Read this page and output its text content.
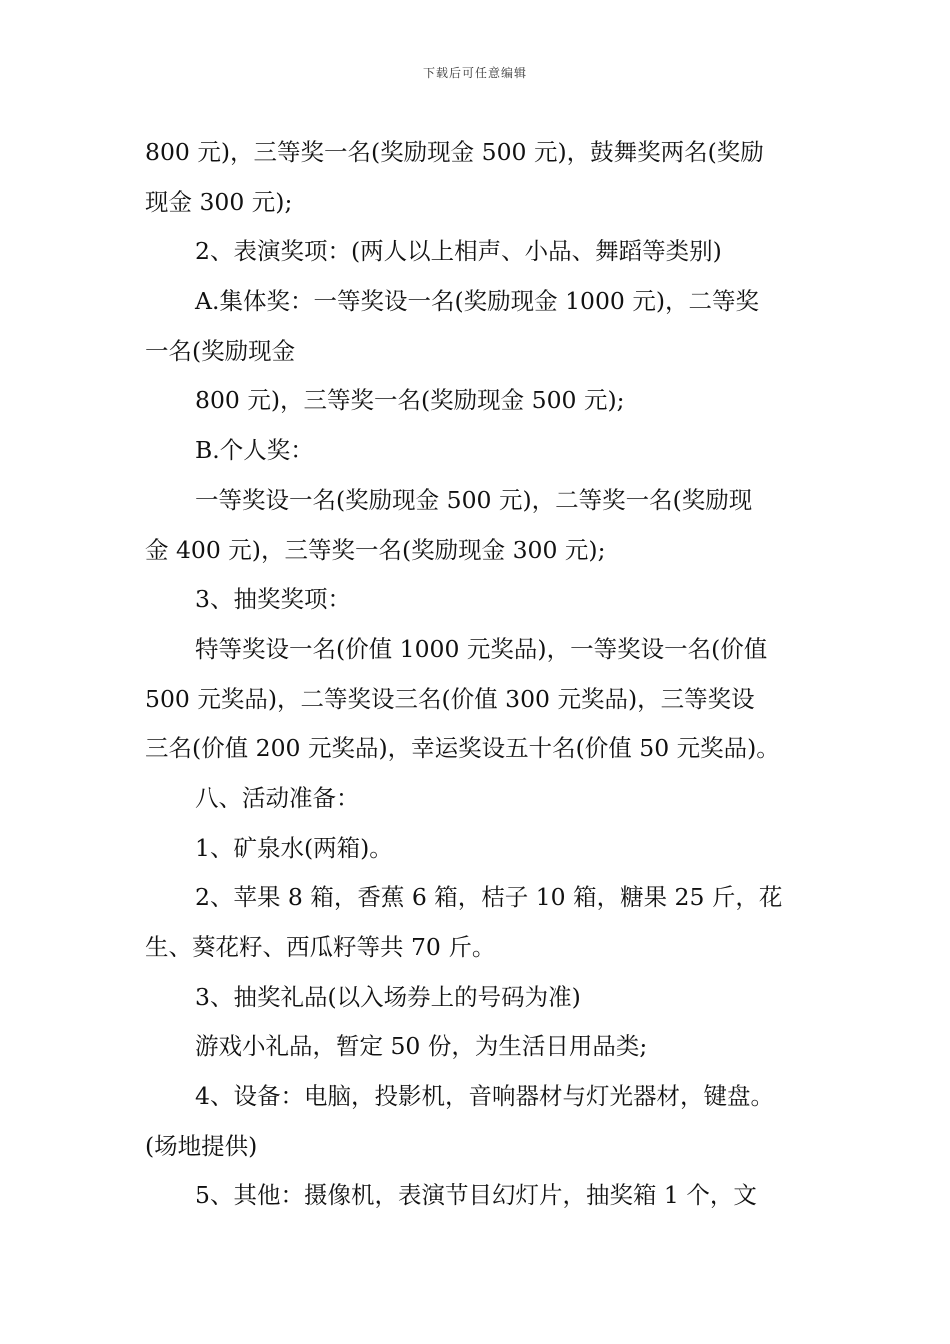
下载后可任意编辑
800 元)，三等奖一名(奖励现金 500 元)，鼓舞奖两名(奖励
现金 300 元);
2、表演奖项：(两人以上相声、小品、舞蹈等类别)
A.集体奖：一等奖设一名(奖励现金 1000 元)，二等奖
一名(奖励现金
800 元)，三等奖一名(奖励现金 500 元);
B.个人奖：
一等奖设一名(奖励现金 500 元)，二等奖一名(奖励现
金 400 元)，三等奖一名(奖励现金 300 元);
3、抽奖奖项：
特等奖设一名(价值 1000 元奖品)，一等奖设一名(价值
500 元奖品)，二等奖设三名(价值 300 元奖品)，三等奖设
三名(价值 200 元奖品)，幸运奖设五十名(价值 50 元奖品)。
八、活动准备：
1、矿泉水(两箱)。
2、苹果 8 箱，香蕉 6 箱，桔子 10 箱，糖果 25 斤，花
生、葵花籽、西瓜籽等共 70 斤。
3、抽奖礼品(以入场券上的号码为准)
游戏小礼品，暂定 50 份，为生活日用品类;
4、设备：电脑，投影机，音响器材与灯光器材，键盘。
(场地提供)
5、其他：摄像机，表演节目幻灯片，抽奖箱 1 个，文
